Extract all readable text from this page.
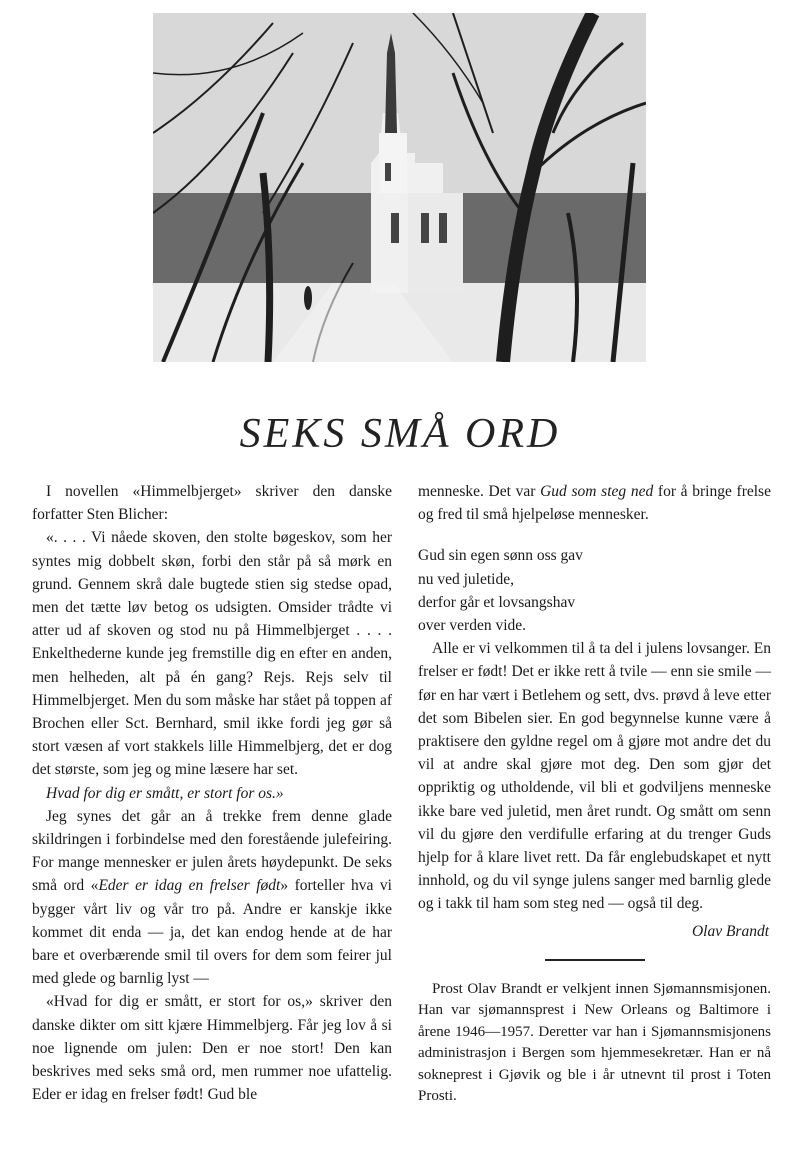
SEKS SMÅ ORD

I novellen «Himmelbjerget» skriver den danske forfatter Sten Blicher:

«. . . . Vi nåede skoven, den stolte bøgeskov, som her syntes mig dobbelt skøn, forbi den står på så mørk en grund. Gennem skrå dale bugtede stien sig stedse opad, men det tætte løv betog os udsigten. Omsider trådte vi atter ud af skoven og stod nu på Himmelbjerget . . . . Enkelthederne kunde jeg fremstille dig en efter en anden, men helheden, alt på én gang? Rejs. Rejs selv til Himmelbjerget. Men du som måske har stået på toppen af Brochen eller Sct. Bernhard, smil ikke fordi jeg gør så stort væsen af vort stakkels lille Himmelbjerg, det er dog det største, som jeg og mine læsere har set.

Hvad for dig er smått, er stort for os.»

Jeg synes det går an å trekke frem denne glade skildringen i forbindelse med den forestående julefeiring. For mange mennesker er julen årets høydepunkt. De seks små ord «Eder er idag en frelser født» forteller hva vi bygger vårt liv og vår tro på. Andre er kanskje ikke kommet dit enda — ja, det kan endog hende at de har bare et overbærende smil til overs for dem som feirer jul med glede og barnlig lyst —

«Hvad for dig er smått, er stort for os,» skriver den danske dikter om sitt kjære Himmelbjerg. Får jeg lov å si noe lignende om julen: Den er noe stort! Den kan beskrives med seks små ord, men rummer noe ufattelig. Eder er idag en frelser født! Gud ble

menneske. Det var Gud som steg ned for å bringe frelse og fred til små hjelpeløse mennesker.

Gud sin egen sønn oss gav
nu ved juletide,
derfor går et lovsangshav
over verden vide.

Alle er vi velkommen til å ta del i julens lovsanger. En frelser er født! Det er ikke rett å tvile — enn sie smile — før en har vært i Betlehem og sett, dvs. prøvd å leve etter det som Bibelen sier. En god begynnelse kunne være å praktisere den gyldne regel om å gjøre mot andre det du vil at andre skal gjøre mot deg. Den som gjør det oppriktig og utholdende, vil bli et godviljens menneske ikke bare ved juletid, men året rundt. Og smått om senn vil du gjøre den verdifulle erfaring at du trenger Guds hjelp for å klare livet rett. Da får englebudskapet et nytt innhold, og du vil synge julens sanger med barnlig glede og i takk til ham som steg ned — også til deg.

Olav Brandt

Prost Olav Brandt er velkjent innen Sjømannsmisjonen. Han var sjømannsprest i New Orleans og Baltimore i årene 1946—1957. Deretter var han i Sjømannsmisjonens administrasjon i Bergen som hjemmesekretær. Han er nå sokneprest i Gjøvik og ble i år utnevnt til prost i Toten Prosti.
